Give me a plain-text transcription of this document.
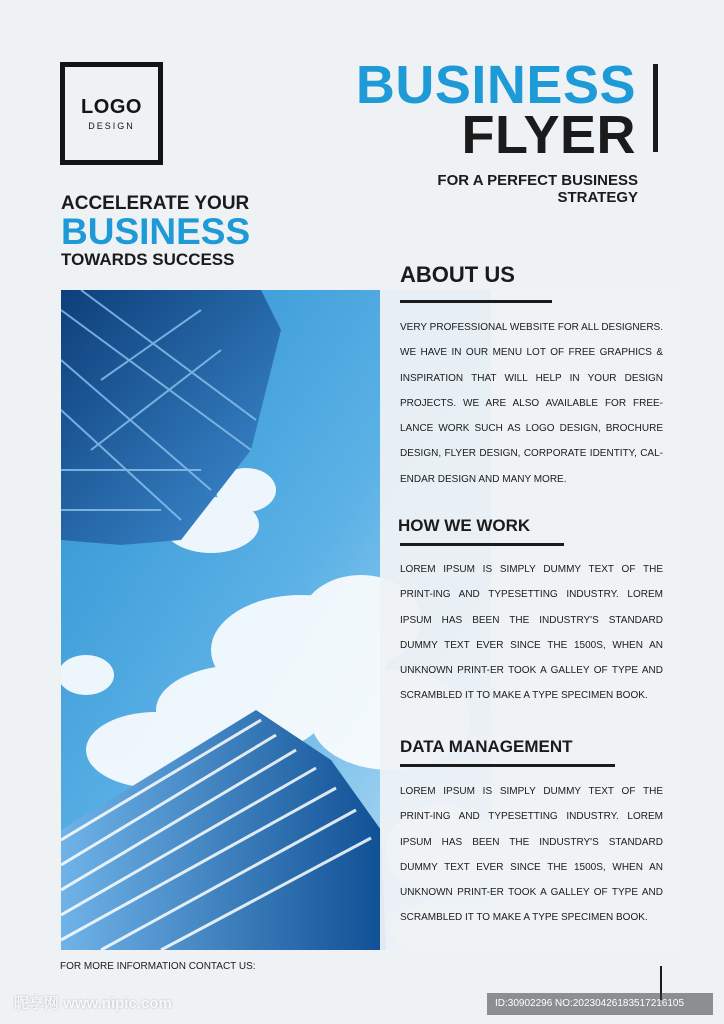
LOGO
DESIGN
BUSINESS
FLYER
FOR A PERFECT BUSINESS STRATEGY
ACCELERATE YOUR
BUSINESS
TOWARDS SUCCESS
ABOUT US
VERY PROFESSIONAL WEBSITE FOR ALL DESIGNERS. WE HAVE IN OUR MENU LOT OF FREE GRAPHICS & INSPIRATION THAT WILL HELP IN YOUR DESIGN PROJECTS. WE ARE ALSO AVAILABLE FOR FREE-LANCE WORK SUCH AS LOGO DESIGN, BROCHURE DESIGN, FLYER DESIGN, CORPORATE IDENTITY, CAL-ENDAR DESIGN AND MANY MORE.
HOW WE WORK
LOREM IPSUM IS SIMPLY DUMMY TEXT OF THE PRINT-ING AND TYPESETTING INDUSTRY. LOREM IPSUM HAS BEEN THE INDUSTRY'S STANDARD DUMMY TEXT EVER SINCE THE 1500S, WHEN AN UNKNOWN PRINT-ER TOOK A GALLEY OF TYPE AND SCRAMBLED IT TO MAKE A TYPE SPECIMEN BOOK.
DATA MANAGEMENT
LOREM IPSUM IS SIMPLY DUMMY TEXT OF THE PRINT-ING AND TYPESETTING INDUSTRY. LOREM IPSUM HAS BEEN THE INDUSTRY'S STANDARD DUMMY TEXT EVER SINCE THE 1500S, WHEN AN UNKNOWN PRINT-ER TOOK A GALLEY OF TYPE AND SCRAMBLED IT TO MAKE A TYPE SPECIMEN BOOK.
FOR MORE INFORMATION CONTACT US:
昵享网 www.nipic.com	ID:30902296 NO:20230426183517216105
